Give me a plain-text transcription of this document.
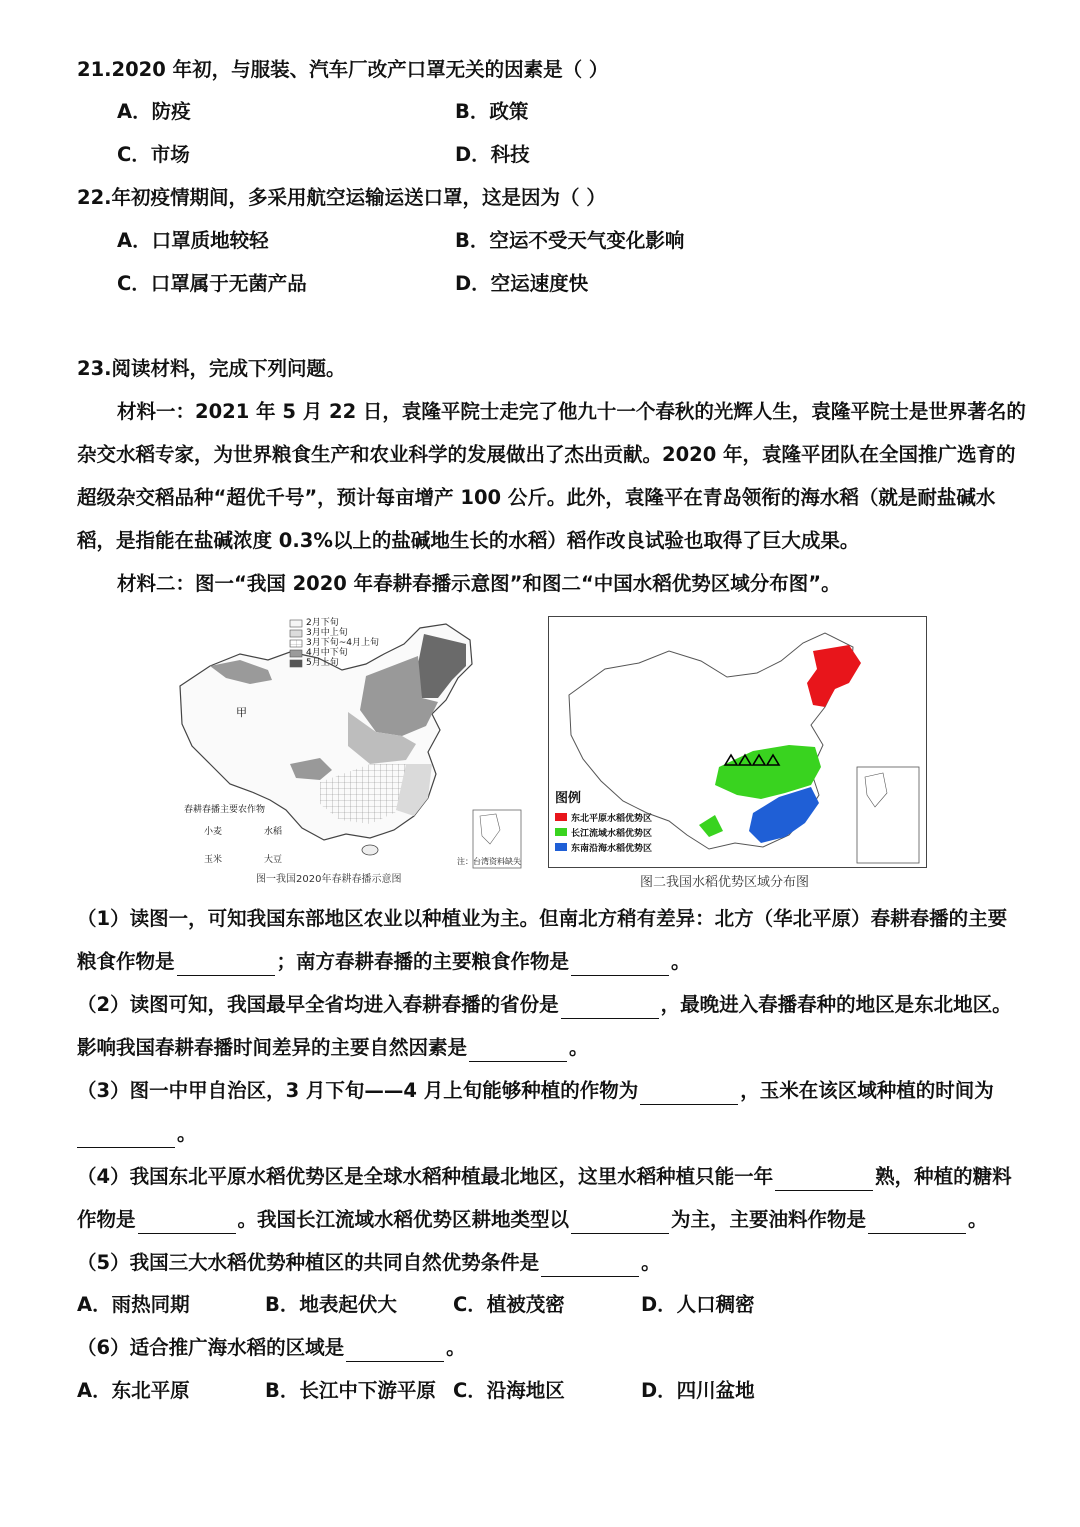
21.2020 年初，与服装、汽车厂改产口罩无关的因素是（ ）
A．防疫	B．政策
C．市场	D．科技
22.年初疫情期间，多采用航空运输运送口罩，这是因为（ ）
A．口罩质地较轻	B．空运不受天气变化影响
C．口罩属于无菌产品	D．空运速度快
23.阅读材料，完成下列问题。
材料一：2021 年 5 月 22 日，袁隆平院士走完了他九十一个春秋的光辉人生，袁隆平院士是世界著名的
杂交水稻专家，为世界粮食生产和农业科学的发展做出了杰出贡献。2020 年，袁隆平团队在全国推广选育的
超级杂交稻品种“超优千号”，预计每亩增产 100 公斤。此外，袁隆平在青岛领衔的海水稻（就是耐盐碱水
稻，是指能在盐碱浓度 0.3%以上的盐碱地生长的水稻）稻作改良试验也取得了巨大成果。
材料二：图一“我国 2020 年春耕春播示意图”和图二“中国水稻优势区域分布图”。
2月下旬
3月中上旬
3月下旬~4月上旬
4月中下旬
5月上旬
甲
春耕春播主要农作物
小麦	水稻
玉米	大豆	注：台湾资料缺失
图一我国2020年春耕春播示意图
图例
东北平原水稻优势区
长江流域水稻优势区
东南沿海水稻优势区
图二我国水稻优势区域分布图
（1）读图一，可知我国东部地区农业以种植业为主。但南北方稍有差异：北方（华北平原）春耕春播的主要
粮食作物是	；南方春耕春播的主要粮食作物是	。
（2）读图可知，我国最早全省均进入春耕春播的省份是	，最晚进入春播春种的地区是东北地区。
影响我国春耕春播时间差异的主要自然因素是	。
（3）图一中甲自治区，3 月下旬——4 月上旬能够种植的作物为	，玉米在该区域种植的时间为
。
（4）我国东北平原水稻优势区是全球水稻种植最北地区，这里水稻种植只能一年	熟，种植的糖料
作物是	。我国长江流域水稻优势区耕地类型以	为主，主要油料作物是	。
（5）我国三大水稻优势种植区的共同自然优势条件是	。
A．雨热同期	B．地表起伏大	C．植被茂密	D．人口稠密
（6）适合推广海水稻的区域是	。
A．东北平原	B．长江中下游平原 C．沿海地区	D．四川盆地
